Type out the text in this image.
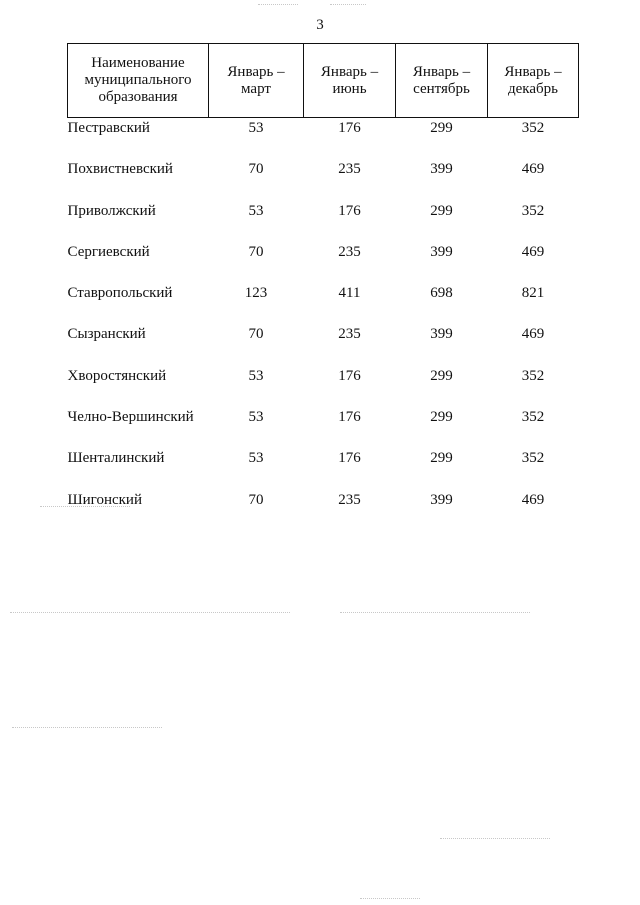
3
Наименование муниципального образования	Январь – март	Январь – июнь	Январь – сентябрь	Январь – декабрь
Пестравский	53	176	299	352
Похвистневский	70	235	399	469
Приволжский	53	176	299	352
Сергиевский	70	235	399	469
Ставропольский	123	411	698	821
Сызранский	70	235	399	469
Хворостянский	53	176	299	352
Челно-Вершинский	53	176	299	352
Шенталинский	53	176	299	352
Шигонский	70	235	399	469
